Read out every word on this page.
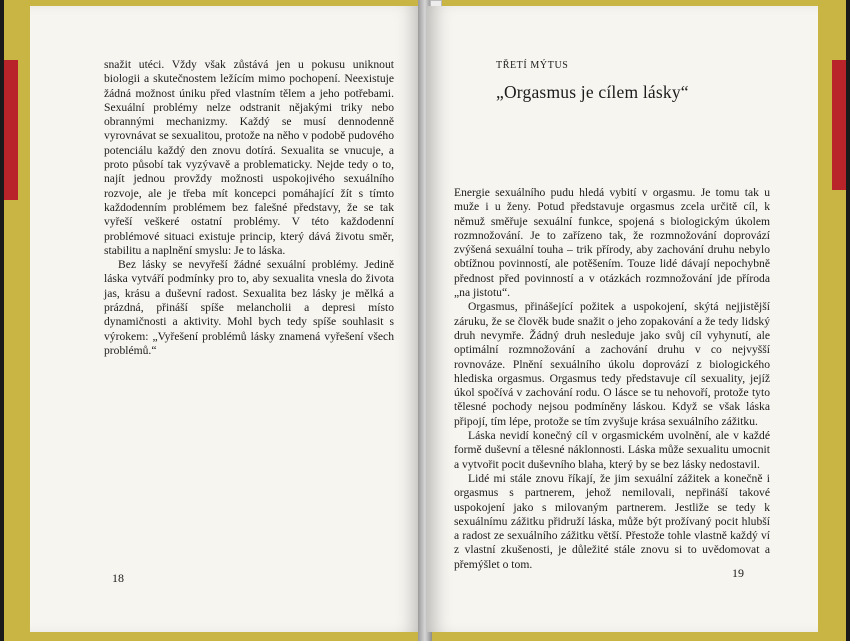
snažit utéci. Vždy však zůstává jen u pokusu uniknout biologii a skutečnostem ležícím mimo pochopení. Neexistuje žádná možnost úniku před vlastním tělem a jeho potřebami. Sexuální problémy nelze odstranit nějakými triky nebo obrannými mechanizmy. Každý se musí dennodenně vyrovnávat se sexualitou, protože na něho v podobě pudového potenciálu každý den znovu dotírá. Sexualita se vnucuje, a proto působí tak vyzývavě a problematicky. Nejde tedy o to, najít jednou provždy možnosti uspokojivého sexuálního rozvoje, ale je třeba mít koncepci pomáhající žít s tímto každodenním problémem bez falešné představy, že se tak vyřeší veškeré ostatní problémy. V této každodenní problémové situaci existuje princip, který dává životu směr, stabilitu a naplnění smyslu: Je to láska.

Bez lásky se nevyřeší žádné sexuální problémy. Jedině láska vytváří podmínky pro to, aby sexualita vnesla do života jas, krásu a duševní radost. Sexualita bez lásky je mělká a prázdná, přináší spíše melancholii a depresi místo dynamičnosti a aktivity. Mohl bych tedy spíše souhlasit s výrokem: „Vyřešení problémů lásky znamená vyřešení všech problémů.“

18
TŘETÍ MÝTUS
„Orgasmus je cílem lásky“

Energie sexuálního pudu hledá vybití v orgasmu. Je tomu tak u muže i u ženy. Potud představuje orgasmus zcela určitě cíl, k němuž směřuje sexuální funkce, spojená s biologickým úkolem rozmnožování. Je to zařízeno tak, že rozmnožování doprovází zvýšená sexuální touha – trik přírody, aby zachování druhu nebylo obtížnou povinností, ale potěšením. Touze lidé dávají nepochybně přednost před povinností a v otázkách rozmnožování jde příroda „na jistotu“.

Orgasmus, přinášející požitek a uspokojení, skýtá nejjistější záruku, že se člověk bude snažit o jeho zopakování a že tedy lidský druh nevymře. Žádný druh nesleduje jako svůj cíl vyhynutí, ale optimální rozmnožování a zachování druhu v co nejvyšší rovnováze. Plnění sexuálního úkolu doprovází z biologického hlediska orgasmus. Orgasmus tedy představuje cíl sexuality, jejíž úkol spočívá v zachování rodu. O lásce se tu nehovoří, protože tyto tělesné pochody nejsou podmíněny láskou. Když se však láska připojí, tím lépe, protože se tím zvyšuje krása sexuálního zážitku.

Láska nevidí konečný cíl v orgasmickém uvolnění, ale v každé formě duševní a tělesné náklonnosti. Láska může sexualitu umocnit a vytvořit pocit duševního blaha, který by se bez lásky nedostavil.

Lidé mi stále znovu říkají, že jim sexuální zážitek a konečně i orgasmus s partnerem, jehož nemilovali, nepřináší takové uspokojení jako s milovaným partnerem. Jestliže se tedy k sexuálnímu zážitku přidruží láska, může být prožívaný pocit hlubší a radost ze sexuálního zážitku větší. Přestože tohle vlastně každý ví z vlastní zkušenosti, je důležité stále znovu si to uvědomovat a přemýšlet o tom.

19
